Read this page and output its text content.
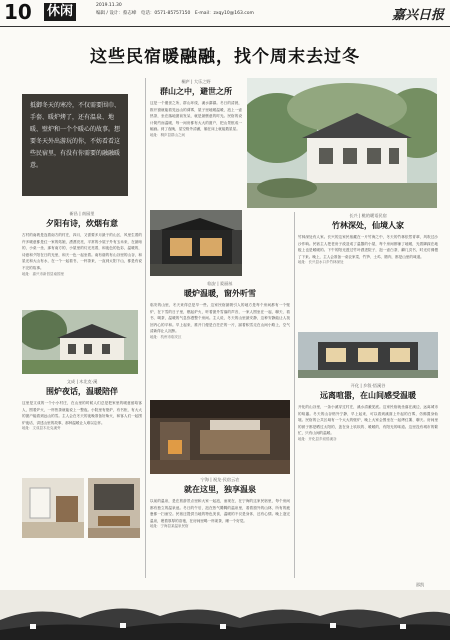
10 休闲	2019.11.30
编辑 / 设计：蔡志峰　电话：0571-85757150　E-mail：zxqy10@163.com	嘉兴日报
这些民宿暖融融，找个周末去过冬
抵御冬天的寒冷，不仅需要围巾、手套、暖炉烤了，还有温泉、地暖、壁炉和一个个暖心的故事。想要冬天外出游玩的你，不妨看看这些民宿里，有没有你需要的融融暖意。
新昌 | 南园里
夕阳有诗，炊烟有意
古村的南坡是连着南方的村庄，四月，又需要多月最于的山区，风里生着的许多暖意都是红一家的姑娘，漂漂亮亮，平常的小屋子外有玉米来，在最暗的，小桌一坐，那有南方的，小屋里的灯光亮着，和夜色的色彩，温暖的，诗意和夕阳在日的光里，和天一色一起坐着。南有谐的有山谷里的山谷，和星光和大山有水，在一个一起看书，一杯茶来，一直到太阳下山，都是有说不完的故事。
地址：嘉兴市新昌县南园里
文成 | 木北克·溪
围炉夜话，温暖陪伴
这里是文成的一个小小村庄，在山里的时候人们总是把家里的暖意留给客人，围着炉火，一杯热茶就能说上一整夜。小院里有壁炉，有书柜，有大大的窗户能看到远山的雪。主人会在冬天的夜晚准备好柴火，和客人们一起围炉夜话，讲述山里的故事，那种温暖让人难以忘怀。
地址：文成县木北克溪旁
桐庐 | 大乐之野
群山之中，避世之所
这是一个避世之所，群山环绕，溪水潺潺。冬日的清晨，推开窗就能看见远山的薄雾，屋子里地暖温暖，泡上一壶热茶，坐在落地窗前发呆，就是最惬意的时光。民宿的设计简约而温暖，每一间房都有大大的窗户，把山景框成一幅画。到了夜晚，星空格外清澈，躺在床上就能数星星。
地址：桐庐县群山之间
临安 | 爱丽丝
暖炉温暖，窗外听雪
临安的山里，冬天来得总是早一些。这家民宿最吸引人的地方是每个房间都有一个壁炉，在下雪的日子里，燃起炉火，听着窗外雪落的声音，一家人围坐在一起，聊天、看书、喝茶，温暖的气息弥漫整个房间。主人说，冬天的山里最安静，这种安静能让人找回内心的平和。早上起来，推开门便是白茫茫的一片，踩着积雪走在山间小路上，空气清新得让人沉醉。
地址：杭州市临安区
宁海 | 祝龙·民宿云农
就在这里，独享温泉
以前的温泉，是在旅游景点里和大家一起泡，而现在，在宁海的这家民宿里，每个房间都有独立的温泉池。冬日的午后，泡在热气腾腾的温泉里，看着窗外的山林，所有的疲惫都一扫而空。民宿还提供当地的特色美食，温暖的不仅是身体，还有心情。晚上泡完温泉，裹着厚厚的浴袍，在房间里喝一杯姜茶，睡一个好觉。
地址：宁海县某温泉民宿
长兴 | 桃的暖语民宿
竹林深处，仙境人家
竹林深处有人家。长兴的这家民宿藏在一片竹海之中，冬天的竹林依然青翠，风吹过沙沙作响。民宿主人把老房子改造成了温馨的小屋，每个房间都铺了地暖，光着脚踩在地板上也是暖暖的。下午的阳光透过竹叶洒进院子，泡一壶白茶，翻几页书，时光仿佛慢了下来。晚上，主人会准备一桌农家菜，竹笋、土鸡、腊肉，都是山里的味道。
地址：长兴县水口乡竹林深处
开化 | 乡叙·悟溪谷
远离喧嚣，在山间感受温暖
开化的山谷里，一条小溪穿过村庄，溪水清澈见底。这家民宿就坐落在溪边，远离城市的喧嚣。冬天的山谷格外宁静，早上起来，可以看到溪面上升起的白雾，仿佛置身仙境。民宿的公共区域有一个大大的壁炉，晚上大家会围坐在一起烤红薯、聊天。房间里的被子都是晒过太阳的，盖在身上软软的、暖暖的，有阳光的味道。这里没有城市的繁忙，只有山间的温暖。
地址：开化县乡叙悟溪谷
邵凯
